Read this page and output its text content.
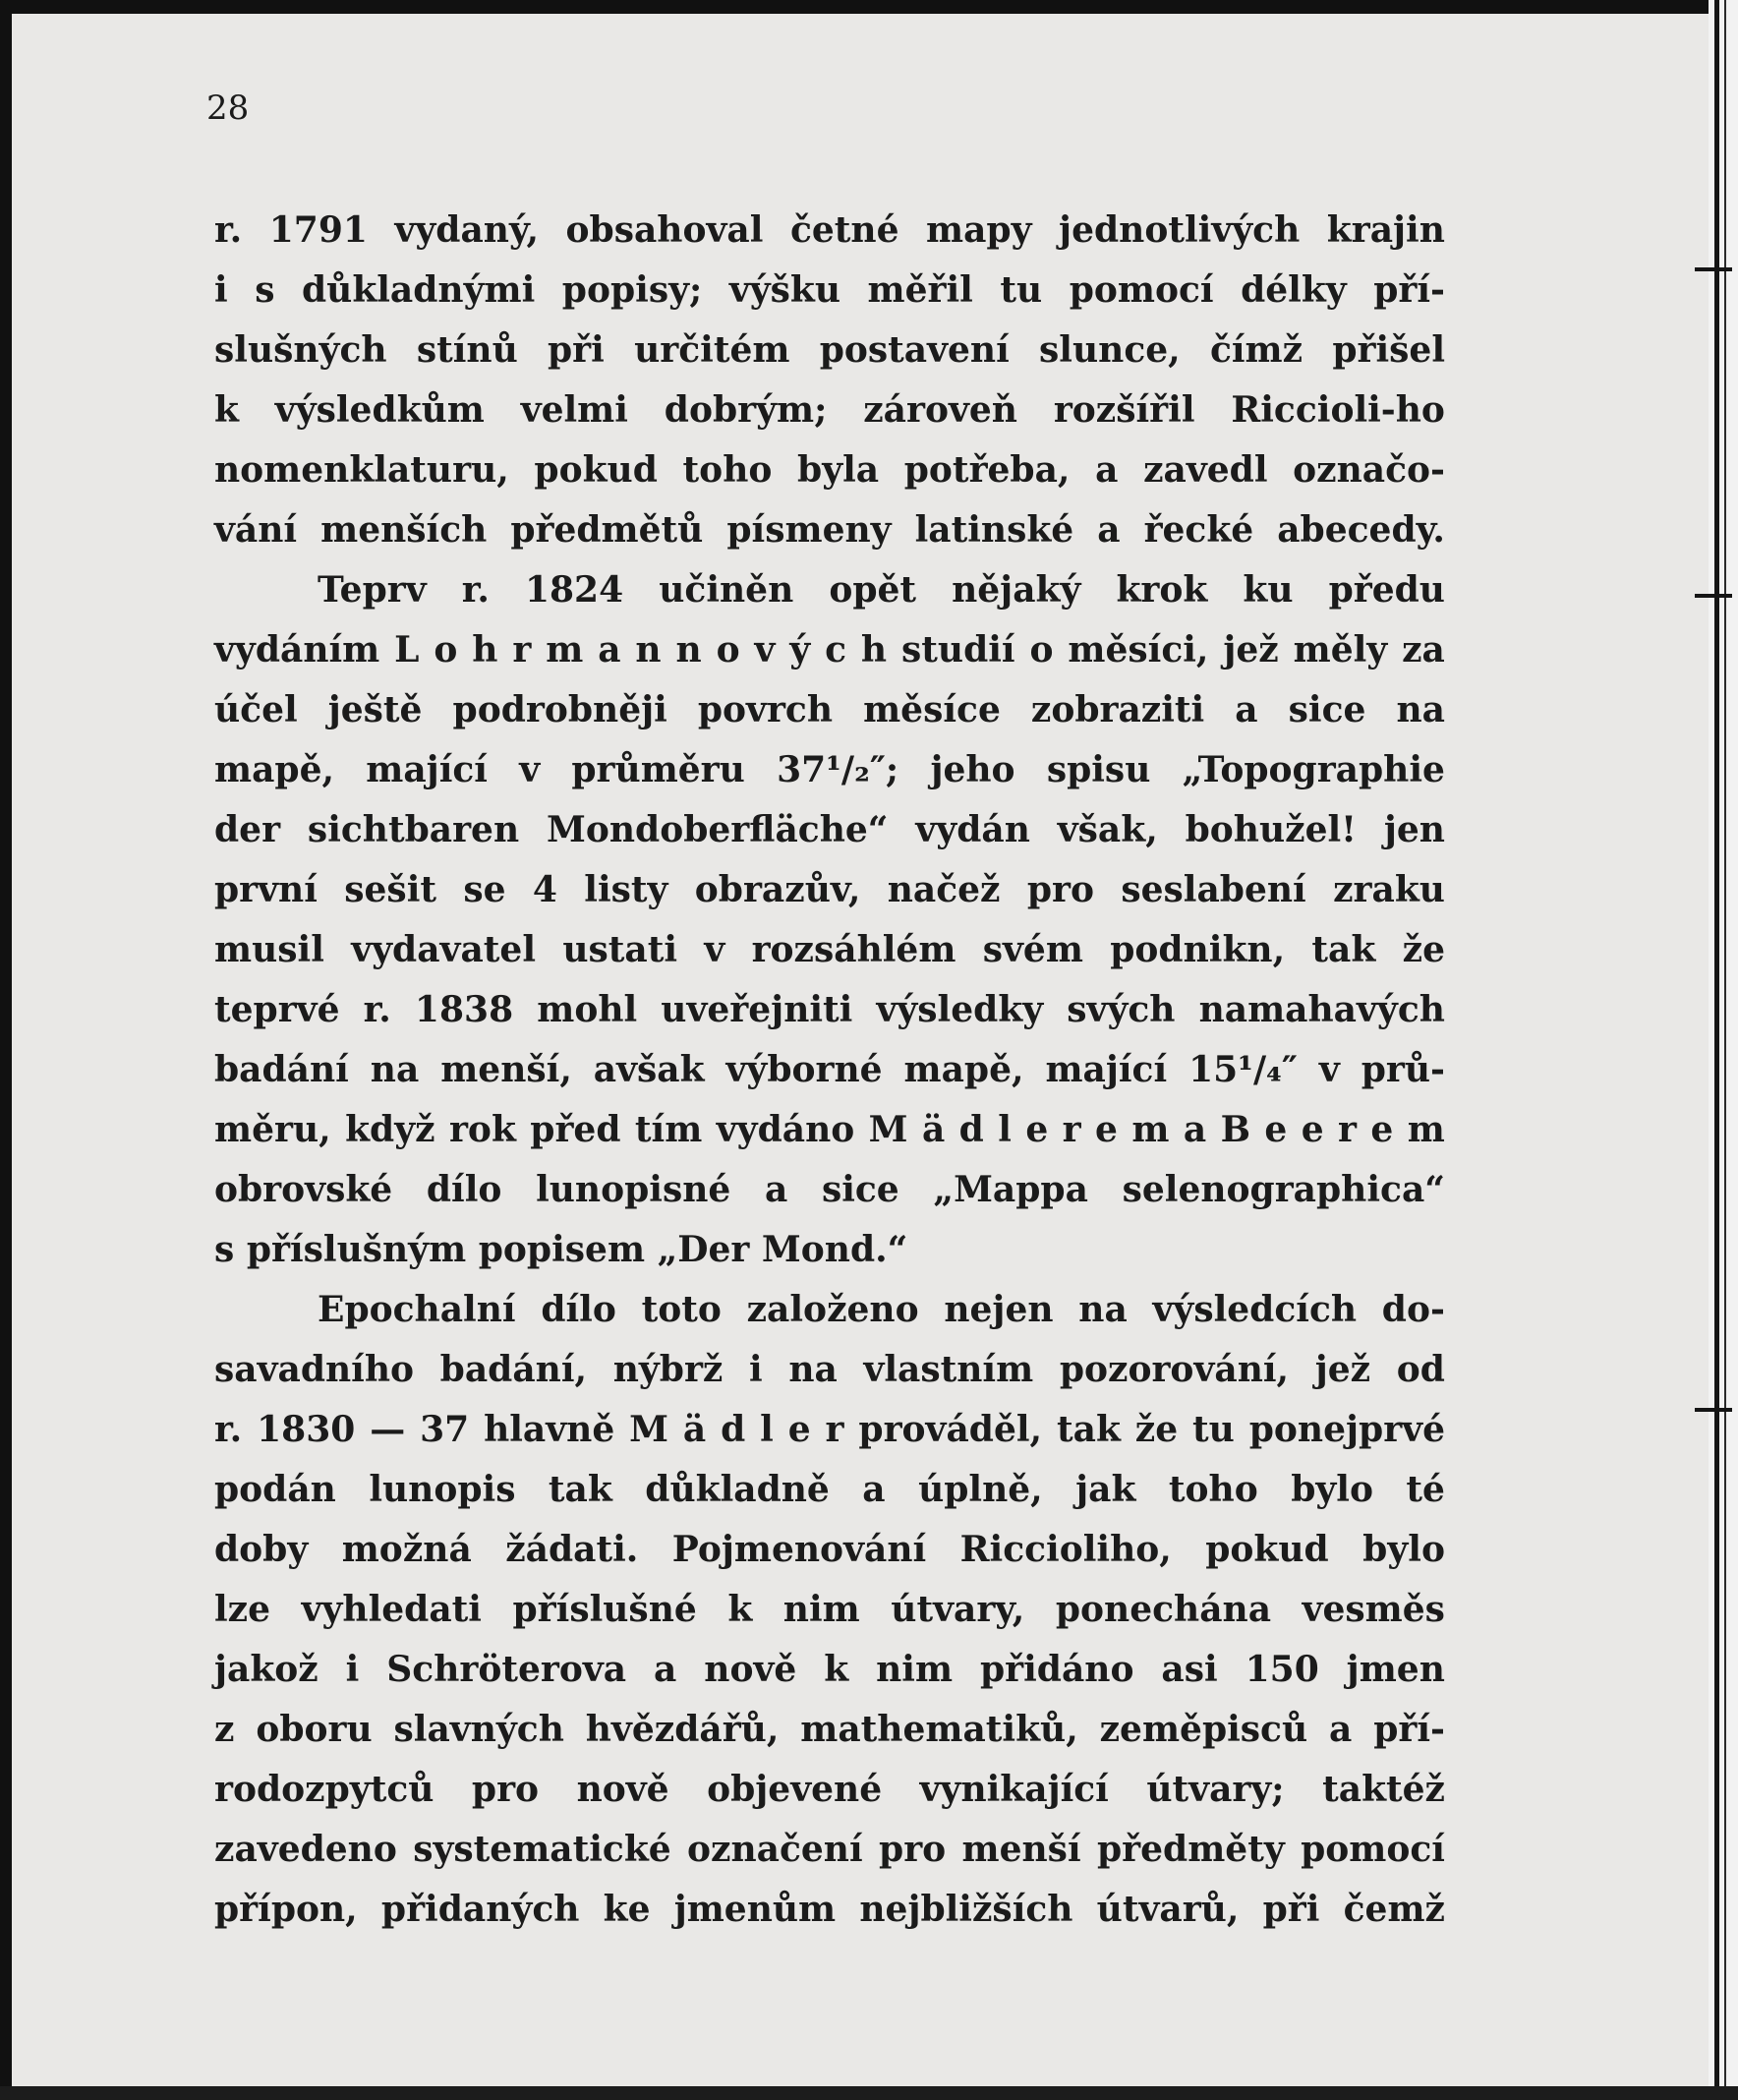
28
r. 1791 vydaný, obsahoval četné mapy jednotlivých krajin
i s důkladnými popisy; výšku měřil tu pomocí délky pří-
slušných stínů při určitém postavení slunce, čímž přišel
k výsledkům velmi dobrým; zároveň rozšířil Riccioli-ho
nomenklaturu, pokud toho byla potřeba, a zavedl označo-
vání menších předmětů písmeny latinské a řecké abecedy.
Teprv r. 1824 učiněn opět nějaký krok ku předu
vydáním L o h r m a n n o v ý c h studií o měsíci, jež měly za
účel ještě podrobněji povrch měsíce zobraziti a sice na
mapě, mající v průměru 37¹/₂″; jeho spisu „Topographie
der sichtbaren Mondoberfläche“ vydán však, bohužel! jen
první sešit se 4 listy obrazův, načež pro seslabení zraku
musil vydavatel ustati v rozsáhlém svém podnikn, tak že
teprvé r. 1838 mohl uveřejniti výsledky svých namahavých
badání na menší, avšak výborné mapě, mající 15¹/₄″ v prů-
měru, když rok před tím vydáno M ä d l e r e m a B e e r e m
obrovské dílo lunopisné a sice „Mappa selenographica“
s příslušným popisem „Der Mond.“
Epochalní dílo toto založeno nejen na výsledcích do-
savadního badání, nýbrž i na vlastním pozorování, jež od
r. 1830 — 37 hlavně M ä d l e r prováděl, tak že tu ponejprvé
podán lunopis tak důkladně a úplně, jak toho bylo té
doby možná žádati. Pojmenování Riccioliho, pokud bylo
lze vyhledati příslušné k nim útvary, ponechána vesměs
jakož i Schröterova a nově k nim přidáno asi 150 jmen
z oboru slavných hvězdářů, mathematiků, zeměpisců a pří-
rodozpytců pro nově objevené vynikající útvary; taktéž
zavedeno systematické označení pro menší předměty pomocí
přípon, přidaných ke jmenům nejbližších útvarů, při čemž
